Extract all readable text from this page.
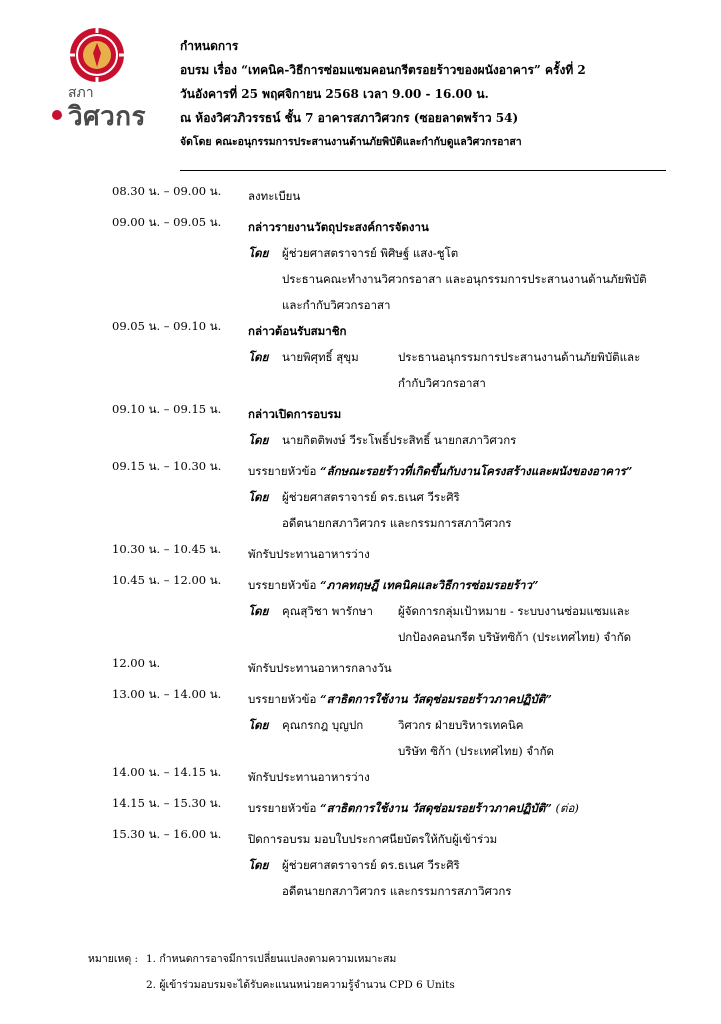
สภา
วิศวกร
กำหนดการ
อบรม เรื่อง “เทคนิค-วิธีการซ่อมแซมคอนกรีตรอยร้าวของผนังอาคาร” ครั้งที่ 2
วันอังคารที่ 25 พฤศจิกายน 2568 เวลา 9.00 - 16.00 น.
ณ ห้องวิศวภิวรรธน์ ชั้น 7 อาคารสภาวิศวกร (ซอยลาดพร้าว 54)
จัดโดย คณะอนุกรรมการประสานงานด้านภัยพิบัติและกำกับดูแลวิศวกรอาสา
08.30 น. – 09.00 น. ลงทะเบียน
09.00 น. – 09.05 น. กล่าวรายงานวัตถุประสงค์การจัดงาน
โดย ผู้ช่วยศาสตราจารย์ พิศิษฐ์ แสง-ชูโต
ประธานคณะทำงานวิศวกรอาสา และอนุกรรมการประสานงานด้านภัยพิบัติ
และกำกับวิศวกรอาสา
09.05 น. – 09.10 น. กล่าวต้อนรับสมาชิก
โดย นายพิศุทธิ์ สุขุม	ประธานอนุกรรมการประสานงานด้านภัยพิบัติและ
กำกับวิศวกรอาสา
09.10 น. – 09.15 น. กล่าวเปิดการอบรม
โดย นายกิตติพงษ์ วีระโพธิ์ประสิทธิ์ นายกสภาวิศวกร
09.15 น. – 10.30 น. บรรยายหัวข้อ “ลักษณะรอยร้าวที่เกิดขึ้นกับงานโครงสร้างและผนังของอาคาร”
โดย ผู้ช่วยศาสตราจารย์ ดร.ธเนศ วีระศิริ
อดีตนายกสภาวิศวกร และกรรมการสภาวิศวกร
10.30 น. – 10.45 น. พักรับประทานอาหารว่าง
10.45 น. – 12.00 น. บรรยายหัวข้อ “ภาคทฤษฎี เทคนิคและวิธีการซ่อมรอยร้าว”
โดย คุณสุวิชา พารักษา ผู้จัดการกลุ่มเป้าหมาย - ระบบงานซ่อมแซมและ
ปกป้องคอนกรีต บริษัทซิก้า (ประเทศไทย) จำกัด
12.00 น.	พักรับประทานอาหารกลางวัน
13.00 น. – 14.00 น. บรรยายหัวข้อ “สาธิตการใช้งาน วัสดุซ่อมรอยร้าวภาคปฏิบัติ”
โดย คุณกรกฎ บุญปก	วิศวกร ฝ่ายบริหารเทคนิค
บริษัท ซิก้า (ประเทศไทย) จำกัด
14.00 น. – 14.15 น. พักรับประทานอาหารว่าง
14.15 น. – 15.30 น. บรรยายหัวข้อ “สาธิตการใช้งาน วัสดุซ่อมรอยร้าวภาคปฏิบัติ” (ต่อ)
15.30 น. – 16.00 น. ปิดการอบรม มอบใบประกาศนียบัตรให้กับผู้เข้าร่วม
โดย ผู้ช่วยศาสตราจารย์ ดร.ธเนศ วีระศิริ
อดีตนายกสภาวิศวกร และกรรมการสภาวิศวกร
หมายเหตุ : 1. กำหนดการอาจมีการเปลี่ยนแปลงตามความเหมาะสม
2. ผู้เข้าร่วมอบรมจะได้รับคะแนนหน่วยความรู้จำนวน CPD 6 Units
